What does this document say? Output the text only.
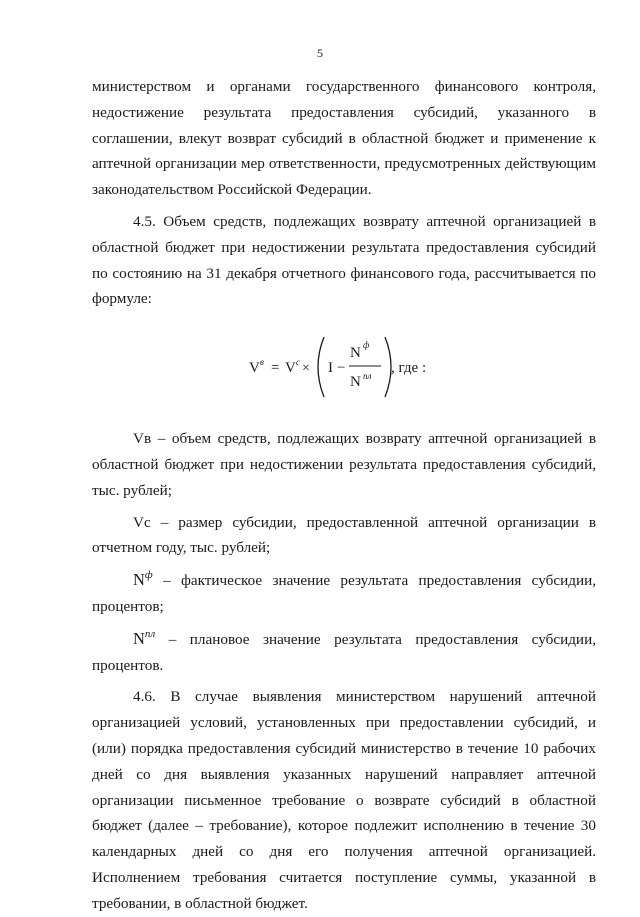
5

министерством и органами государственного финансового контроля, недостижение результата предоставления субсидий, указанного в соглашении, влекут возврат субсидий в областной бюджет и применение к аптечной организации мер ответственности, предусмотренных действующим законодательством Российской Федерации.

4.5. Объем средств, подлежащих возврату аптечной организацией в областной бюджет при недостижении результата предоставления субсидий по состоянию на 31 декабря отчетного финансового года, рассчитывается по формуле:

V в = V с × I −
N ф
N пл , где :

Vв – объем средств, подлежащих возврату аптечной организацией в областной бюджет при недостижении результата предоставления субсидий, тыс. рублей;

Vс – размер субсидии, предоставленной аптечной организации в отчетном году, тыс. рублей;

$N^ф$ – фактическое значение результата предоставления субсидии, процентов;

$N^{пл}$ – плановое значение результата предоставления субсидии, процентов.

4.6. В случае выявления министерством нарушений аптечной организацией условий, установленных при предоставлении субсидий, и (или) порядка предоставления субсидий министерство в течение 10 рабочих дней со дня выявления указанных нарушений направляет аптечной организации письменное требование о возврате субсидий в областной бюджет (далее – требование), которое подлежит исполнению в течение 30 календарных дней со дня его получения аптечной организацией. Исполнением требования считается поступление суммы, указанной в требовании, в областной бюджет.
